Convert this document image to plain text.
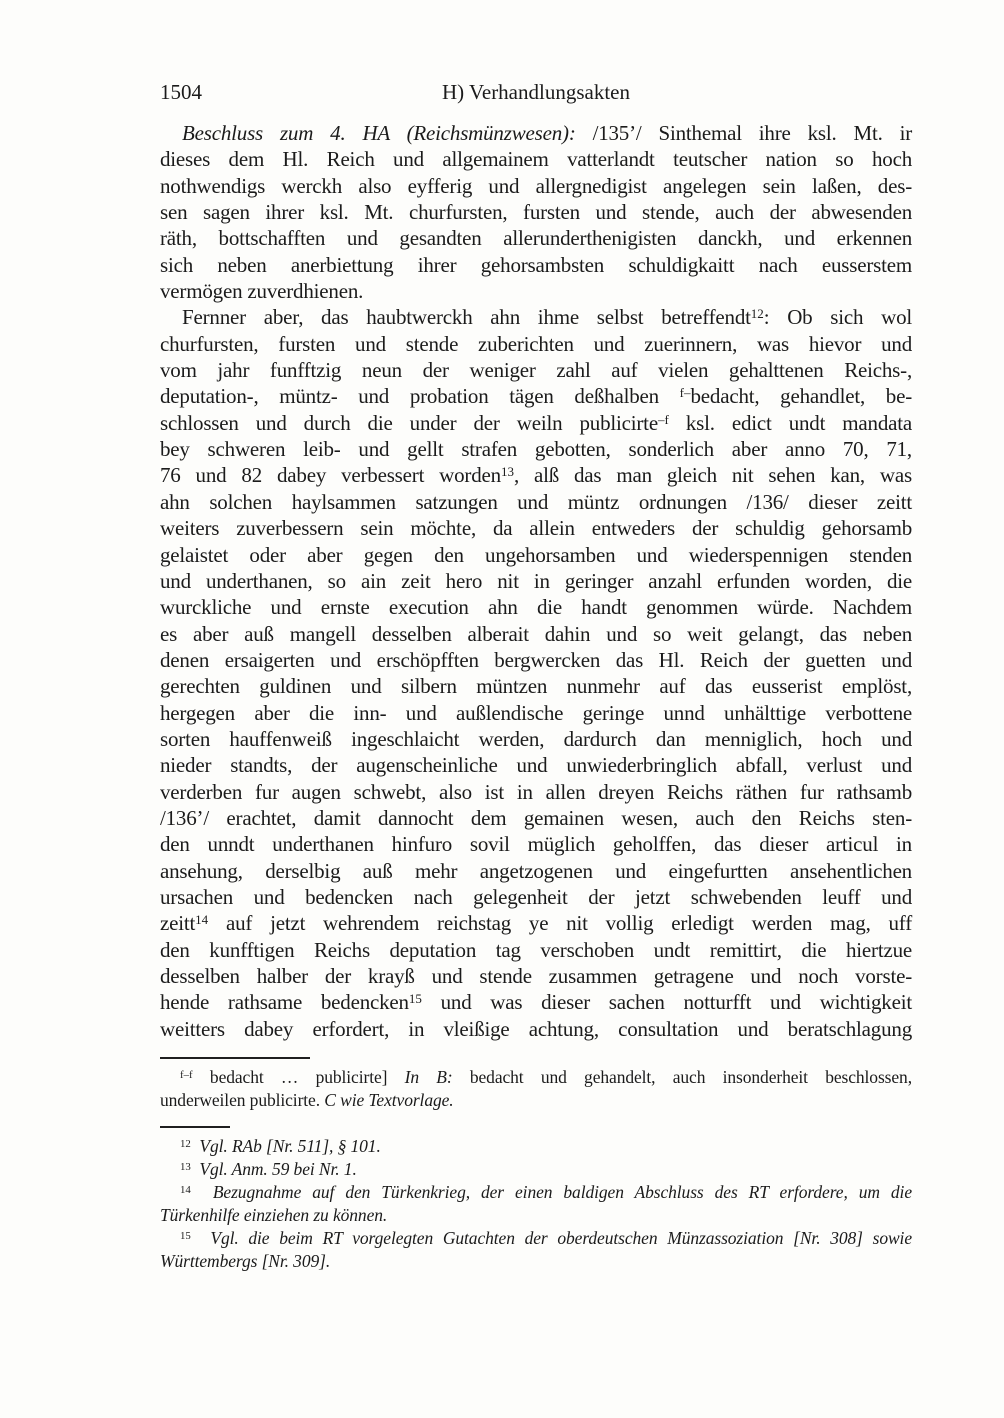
1504	H) Verhandlungsakten
Beschluss zum 4. HA (Reichsmünzwesen): /135’/ Sinthemal ihre ksl. Mt. ir
dieses dem Hl. Reich und allgemainem vatterlandt teutscher nation so hoch
nothwendigs werckh also eyfferig und allergnedigist angelegen sein laßen, des-
sen sagen ihrer ksl. Mt. churfursten, fursten und stende, auch der abwesenden
räth, bottschafften und gesandten allerunderthenigisten danckh, und erkennen
sich neben anerbiettung ihrer gehorsambsten schuldigkaitt nach eusserstem
vermögen zuverdhienen.
Fernner aber, das haubtwerckh ahn ihme selbst betreffendt$^{12}$: Ob sich wol
churfursten, fursten und stende zuberichten und zuerinnern, was hievor und
vom jahr funfftzig neun der weniger zahl auf vielen gehalttenen Reichs-,
deputation-, müntz- und probation tägen deßhalben $^{f-}$bedacht, gehandlet, be-
schlossen und durch die under der weiln publicirte$^{-f}$ ksl. edict undt mandata
bey schweren leib- und gellt strafen gebotten, sonderlich aber anno 70, 71,
76 und 82 dabey verbessert worden$^{13}$, alß das man gleich nit sehen kan, was
ahn solchen haylsammen satzungen und müntz ordnungen /136/ dieser zeitt
weiters zuverbessern sein möchte, da allein entweders der schuldig gehorsamb
gelaistet oder aber gegen den ungehorsamben und wiederspennigen stenden
und underthanen, so ain zeit hero nit in geringer anzahl erfunden worden, die
wurckliche und ernste execution ahn die handt genommen würde. Nachdem
es aber auß mangell desselben alberait dahin und so weit gelangt, das neben
denen ersaigerten und erschöpfften bergwercken das Hl. Reich der guetten und
gerechten guldinen und silbern müntzen nunmehr auf das eusserist emplöst,
hergegen aber die inn- und außlendische geringe unnd unhälttige verbottene
sorten hauffenweiß ingeschlaicht werden, dardurch dan menniglich, hoch und
nieder standts, der augenscheinliche und unwiederbringlich abfall, verlust und
verderben fur augen schwebt, also ist in allen dreyen Reichs räthen fur rathsamb
/136’/ erachtet, damit dannocht dem gemainen wesen, auch den Reichs sten-
den unndt underthanen hinfuro sovil müglich geholffen, das dieser articul in
ansehung, derselbig auß mehr angetzogenen und eingefurtten ansehentlichen
ursachen und bedencken nach gelegenheit der jetzt schwebenden leuff und
zeitt$^{14}$ auf jetzt wehrendem reichstag ye nit vollig erledigt werden mag, uff
den kunfftigen Reichs deputation tag verschoben undt remittirt, die hiertzue
desselben halber der krayß und stende zusammen getragene und noch vorste-
hende rathsame bedencken$^{15}$ und was dieser sachen notturfft und wichtigkeit
weitters dabey erfordert, in vleißige achtung, consultation und beratschlagung
$^{f-f}$ bedacht … publicirte] In B: bedacht und gehandelt, auch insonderheit beschlossen,
underweilen publicirte. C wie Textvorlage.
$^{12}$ Vgl. RAb [Nr. 511], § 101.
$^{13}$ Vgl. Anm. 59 bei Nr. 1.
$^{14}$ Bezugnahme auf den Türkenkrieg, der einen baldigen Abschluss des RT erfordere, um die
Türkenhilfe einziehen zu können.
$^{15}$ Vgl. die beim RT vorgelegten Gutachten der oberdeutschen Münzassoziation [Nr. 308] sowie
Württembergs [Nr. 309].
